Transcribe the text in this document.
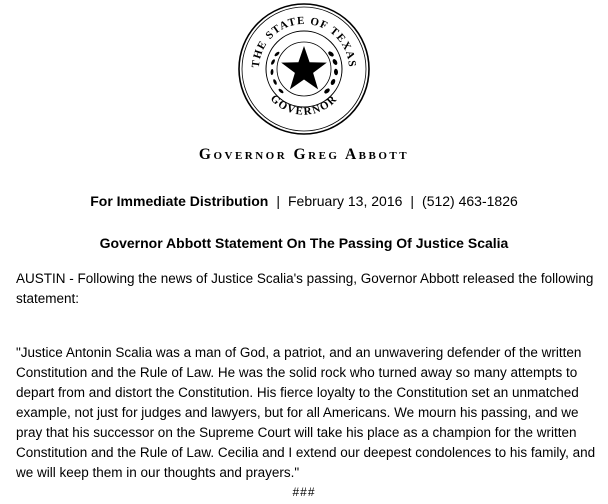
THE STATE OF TEXAS
GOVERNOR
Governor Greg Abbott
For Immediate Distribution | February 13, 2016 | (512) 463-1826
Governor Abbott Statement On The Passing Of Justice Scalia
AUSTIN - Following the news of Justice Scalia's passing, Governor Abbott released the following statement:
"Justice Antonin Scalia was a man of God, a patriot, and an unwavering defender of the written Constitution and the Rule of Law. He was the solid rock who turned away so many attempts to depart from and distort the Constitution. His fierce loyalty to the Constitution set an unmatched example, not just for judges and lawyers, but for all Americans. We mourn his passing, and we pray that his successor on the Supreme Court will take his place as a champion for the written Constitution and the Rule of Law. Cecilia and I extend our deepest condolences to his family, and we will keep them in our thoughts and prayers."
###
